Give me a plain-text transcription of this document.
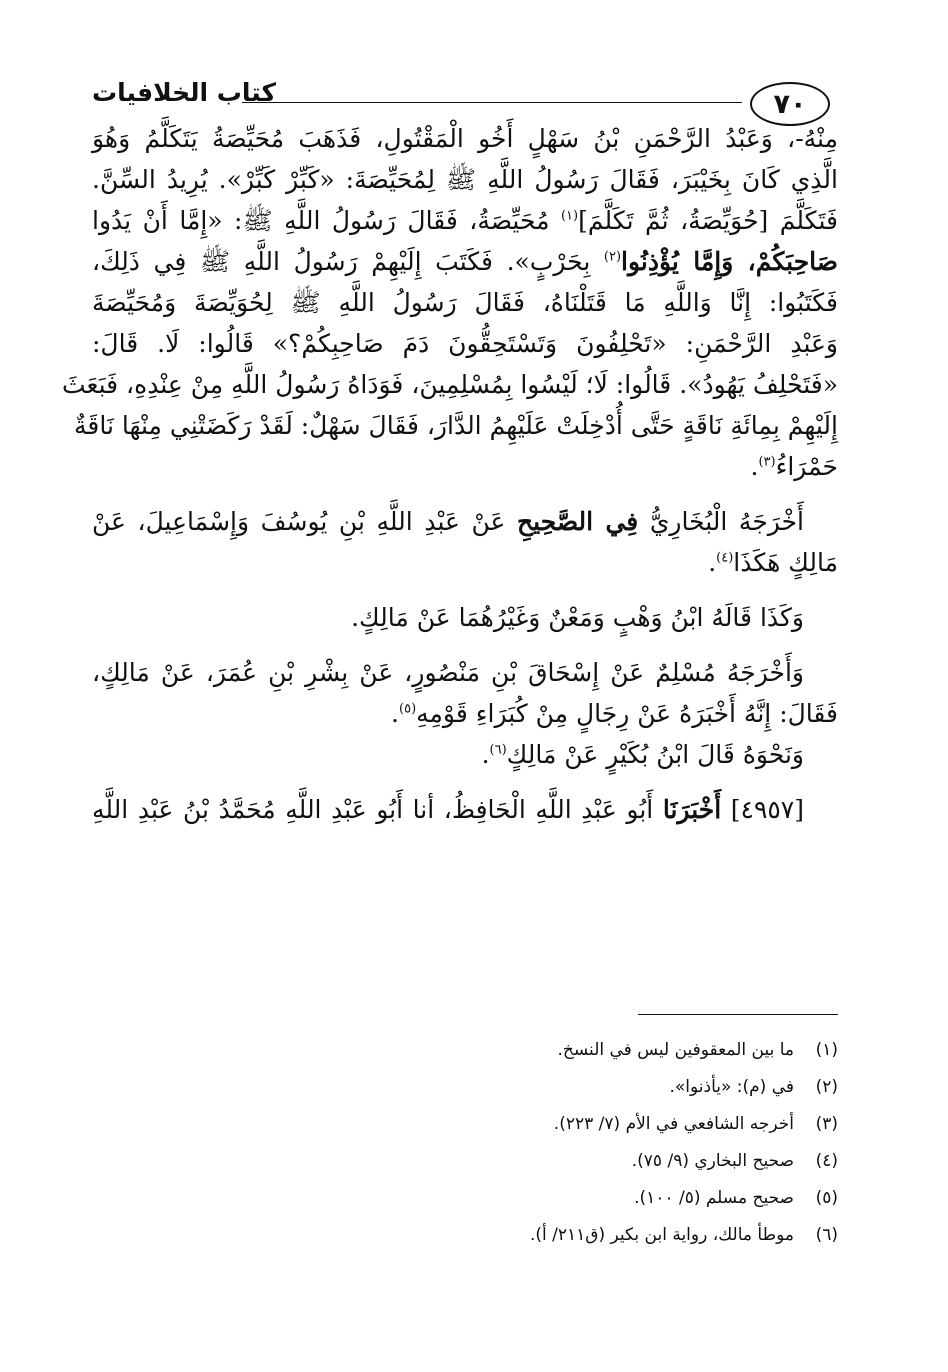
٧٠
كتاب الخلافيات

مِنْهُ-، وَعَبْدُ الرَّحْمَنِ بْنُ سَهْلٍ أَخُو الْمَقْتُولِ، فَذَهَبَ مُحَيِّصَةُ يَتَكَلَّمُ وَهُوَ

الَّذِي كَانَ بِخَيْبَرَ، فَقَالَ رَسُولُ اللَّهِ ﷺ لِمُحَيِّصَةَ: «كَبِّرْ كَبِّرْ». يُرِيدُ السِّنَّ.

فَتَكَلَّمَ [حُوَيِّصَةُ، ثُمَّ تَكَلَّمَ]$^{(١)}$ مُحَيِّصَةُ، فَقَالَ رَسُولُ اللَّهِ ﷺ: «إِمَّا أَنْ يَدُوا

صَاحِبَكُمْ، وَإِمَّا يُؤْذِنُوا$^{(٢)}$ بِحَرْبٍ». فَكَتَبَ إِلَيْهِمْ رَسُولُ اللَّهِ ﷺ فِي ذَلِكَ،

فَكَتَبُوا: إِنَّا وَاللَّهِ مَا قَتَلْنَاهُ، فَقَالَ رَسُولُ اللَّهِ ﷺ لِحُوَيِّصَةَ وَمُحَيِّصَةَ

وَعَبْدِ الرَّحْمَنِ: «تَحْلِفُونَ وَتَسْتَحِقُّونَ دَمَ صَاحِبِكُمْ؟» قَالُوا: لَا. قَالَ:

«فَتَحْلِفُ يَهُودُ». قَالُوا: لَا؛ لَيْسُوا بِمُسْلِمِينَ، فَوَدَاهُ رَسُولُ اللَّهِ مِنْ عِنْدِهِ، فَبَعَثَ

إِلَيْهِمْ بِمِائَةِ نَاقَةٍ حَتَّى أُدْخِلَتْ عَلَيْهِمُ الدَّارَ، فَقَالَ سَهْلٌ: لَقَدْ رَكَضَتْنِي مِنْهَا نَاقَةٌ

حَمْرَاءُ$^{(٣)}$.

أَخْرَجَهُ الْبُخَارِيُّ فِي الصَّحِيحِ عَنْ عَبْدِ اللَّهِ بْنِ يُوسُفَ وَإِسْمَاعِيلَ، عَنْ

مَالِكٍ هَكَذَا$^{(٤)}$.

وَكَذَا قَالَهُ ابْنُ وَهْبٍ وَمَعْنٌ وَغَيْرُهُمَا عَنْ مَالِكٍ.

وَأَخْرَجَهُ مُسْلِمٌ عَنْ إِسْحَاقَ بْنِ مَنْصُورٍ، عَنْ بِشْرِ بْنِ عُمَرَ، عَنْ مَالِكٍ،

فَقَالَ: إِنَّهُ أَخْبَرَهُ عَنْ رِجَالٍ مِنْ كُبَرَاءِ قَوْمِهِ$^{(٥)}$.

وَنَحْوَهُ قَالَ ابْنُ بُكَيْرٍ عَنْ مَالِكٍ$^{(٦)}$.

[٤٩٥٧] أَخْبَرَنَا أَبُو عَبْدِ اللَّهِ الْحَافِظُ، أنا أَبُو عَبْدِ اللَّهِ مُحَمَّدُ بْنُ عَبْدِ اللَّهِ

(١)
ما بين المعقوفين ليس في النسخ.
(٢)
في (م): «يأذنوا».
(٣)
أخرجه الشافعي في الأم (٧/ ٢٢٣).
(٤)
صحيح البخاري (٩/ ٧٥).
(٥)
صحيح مسلم (٥/ ١٠٠).
(٦)
موطأ مالك، رواية ابن بكير (ق٢١١/ أ).
